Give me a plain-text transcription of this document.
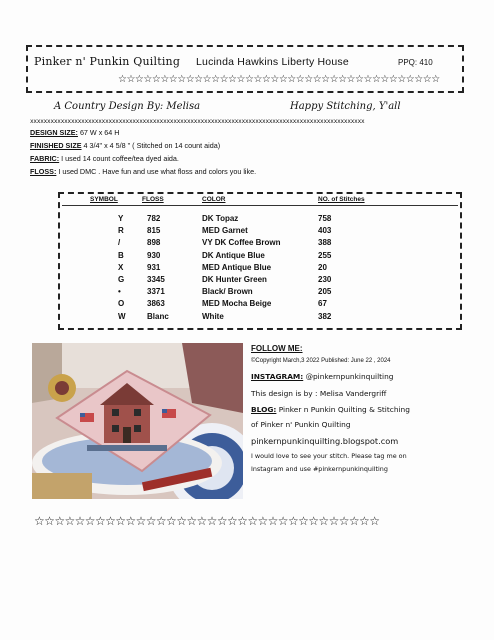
Pinker n' Punkin Quilting Lucinda Hawkins Liberty House	PPQ: 410
☆☆☆☆☆☆☆☆☆☆☆☆☆☆☆☆☆☆☆☆☆☆☆☆☆☆☆☆☆☆☆☆☆☆☆☆☆☆
A Country Design By: Melisa	Happy Stitching, Y'all
xxxxxxxxxxxxxxxxxxxxxxxxxxxxxxxxxxxxxxxxxxxxxxxxxxxxxxxxxxxxxxxxxxxxxxxxxxxxxxxxxxxxxxxxxxxxxxxxxx
DESIGN SIZE: 67 W x 64 H
FINISHED SIZE 4 3/4" x 4 5/8 " ( Stitched on 14 count aida)
FABRIC: I used 14 count coffee/tea dyed aida.
FLOSS: I used DMC . Have fun and use what floss and colors you like.
SYMBOL	FLOSS	COLOR	NO. of Stitches
Y	782	DK Topaz	758
R	815	MED Garnet	403
/	898	VY DK Coffee Brown	388
B	930	DK Antique Blue	255
X	931	MED Antique Blue	20
G	3345	DK Hunter Green	230
•	3371	Black/ Brown	205
O	3863	MED Mocha Beige	67
W	Blanc	White	382
FOLLOW ME:
©Copyright March,3 2022 Published: June 22 , 2024
INSTAGRAM: @pinkernpunkinquilting
This design is by : Melisa Vandergriff
BLOG: Pinker n Punkin Quilting & Stitching
of Pinker n' Punkin Quilting
pinkernpunkinquilting.blogspot.com
I would love to see your stitch. Please tag me on
Instagram and use #pinkernpunkinquilting
☆☆☆☆☆☆☆☆☆☆☆☆☆☆☆☆☆☆☆☆☆☆☆☆☆☆☆☆☆☆☆☆☆☆
